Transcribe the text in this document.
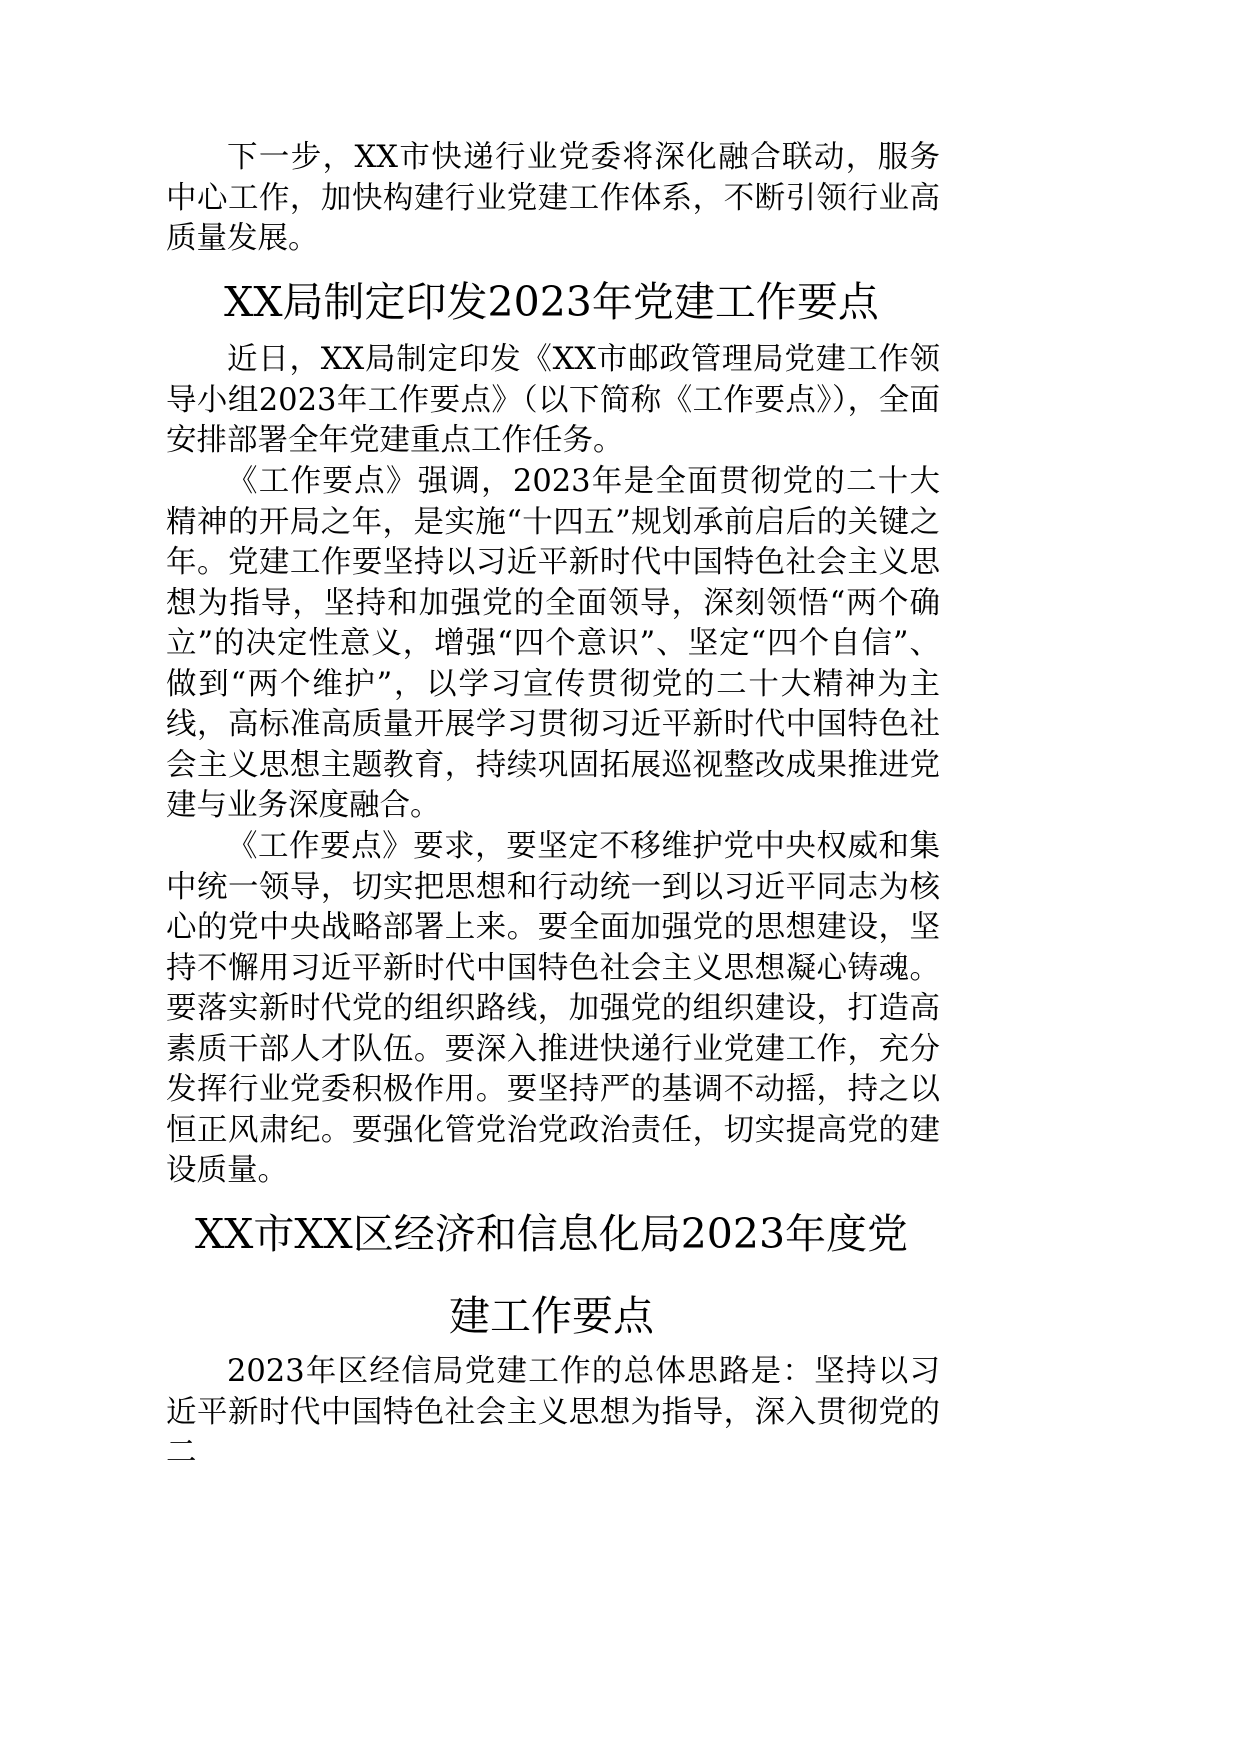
下一步，XX市快递行业党委将深化融合联动，服务中心工作，加快构建行业党建工作体系，不断引领行业高质量发展。

XX局制定印发2023年党建工作要点

近日，XX局制定印发《XX市邮政管理局党建工作领导小组2023年工作要点》（以下简称《工作要点》），全面安排部署全年党建重点工作任务。

《工作要点》强调，2023年是全面贯彻党的二十大精神的开局之年，是实施“十四五”规划承前启后的关键之年。党建工作要坚持以习近平新时代中国特色社会主义思想为指导，坚持和加强党的全面领导，深刻领悟“两个确立”的决定性意义，增强“四个意识”、坚定“四个自信”、做到“两个维护”，以学习宣传贯彻党的二十大精神为主线，高标准高质量开展学习贯彻习近平新时代中国特色社会主义思想主题教育，持续巩固拓展巡视整改成果推进党建与业务深度融合。

《工作要点》要求，要坚定不移维护党中央权威和集中统一领导，切实把思想和行动统一到以习近平同志为核心的党中央战略部署上来。要全面加强党的思想建设，坚持不懈用习近平新时代中国特色社会主义思想凝心铸魂。要落实新时代党的组织路线，加强党的组织建设，打造高素质干部人才队伍。要深入推进快递行业党建工作，充分发挥行业党委积极作用。要坚持严的基调不动摇，持之以恒正风肃纪。要强化管党治党政治责任，切实提高党的建设质量。

XX市XX区经济和信息化局2023年度党
建工作要点

2023年区经信局党建工作的总体思路是：坚持以习近平新时代中国特色社会主义思想为指导，深入贯彻党的二
